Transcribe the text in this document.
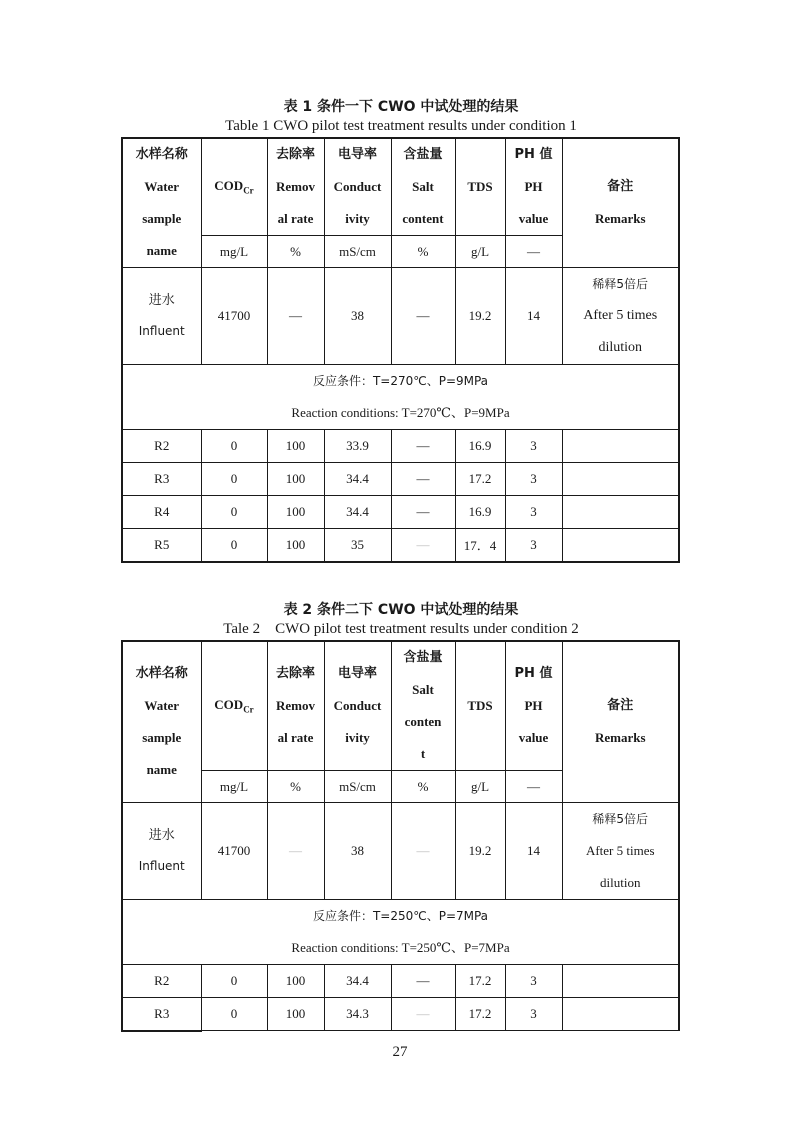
表 1 条件一下 CWO 中试处理的结果
Table 1 CWO pilot test treatment results under condition 1
水样名称
Water
sample
name	$COD_{Cr}$	去除率
Remov
al rate	电导率
Conduct
ivity	含盐量
Salt
content	TDS	PH 值
PH
value	备注
Remarks

	mg/L	%	mS/cm	%	g/L	—	

进水
Influent	41700	—	38	—	19.2	14	稀释5倍后
After 5 times
dilution

反应条件：T=270℃、P=9MPa
Reaction conditions: T=270℃、P=9MPa							

R2	0	100	33.9	—	16.9	3	
R3	0	100	34.4	—	17.2	3	
R4	0	100	34.4	—	16.9	3	
R5	0	100	35	—	17．4	3	
表 2 条件二下 CWO 中试处理的结果
Tale 2    CWO pilot test treatment results under condition 2
水样名称
Water
sample
name	$COD_{Cr}$	去除率
Remov
al rate	电导率
Conduct
ivity	含盐量
Salt
conten
t	TDS	PH 值
PH
value	备注
Remarks

	mg/L	%	mS/cm	%	g/L	—	

进水
Influent	41700	—	38	—	19.2	14	稀释5倍后
After 5 times
dilution

反应条件：T=250℃、P=7MPa
Reaction conditions: T=250℃、P=7MPa							

R2	0	100	34.4	—	17.2	3	
R3	0	100	34.3	—	17.2	3	
27
